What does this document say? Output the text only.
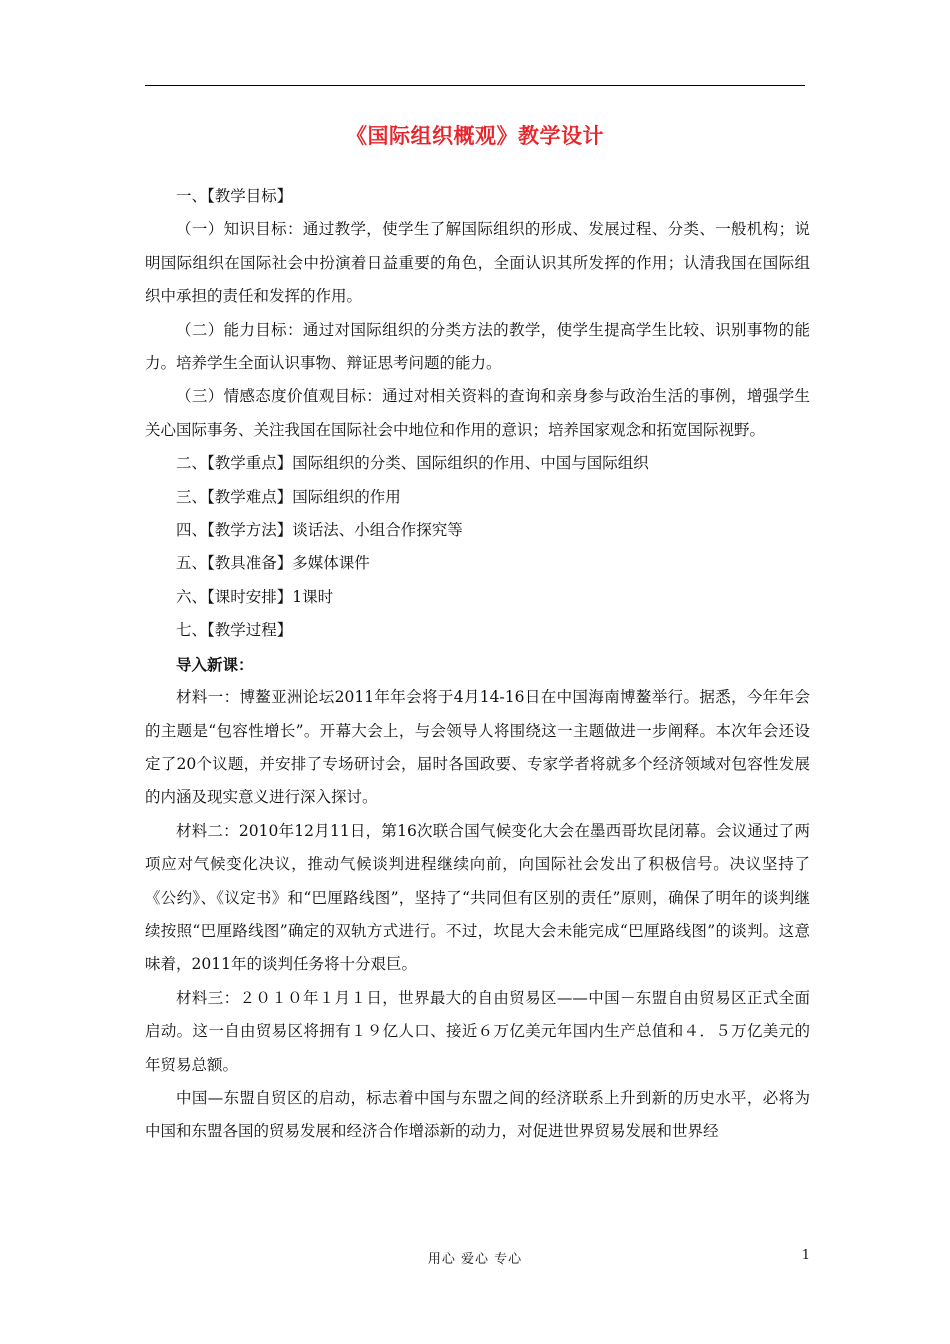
《国际组织概观》教学设计

一、【教学目标】

（一）知识目标：通过教学，使学生了解国际组织的形成、发展过程、分类、一般机构；说明国际组织在国际社会中扮演着日益重要的角色，全面认识其所发挥的作用；认清我国在国际组织中承担的责任和发挥的作用。

（二）能力目标：通过对国际组织的分类方法的教学，使学生提高学生比较、识别事物的能力。培养学生全面认识事物、辩证思考问题的能力。

（三）情感态度价值观目标：通过对相关资料的查询和亲身参与政治生活的事例，增强学生关心国际事务、关注我国在国际社会中地位和作用的意识；培养国家观念和拓宽国际视野。

二、【教学重点】国际组织的分类、国际组织的作用、中国与国际组织

三、【教学难点】国际组织的作用

四、【教学方法】谈话法、小组合作探究等

五、【教具准备】多媒体课件

六、【课时安排】1课时

七、【教学过程】

导入新课：

材料一：博鳌亚洲论坛2011年年会将于4月14-16日在中国海南博鳌举行。据悉，今年年会的主题是“包容性增长”。开幕大会上，与会领导人将围绕这一主题做进一步阐释。本次年会还设定了20个议题，并安排了专场研讨会，届时各国政要、专家学者将就多个经济领域对包容性发展的内涵及现实意义进行深入探讨。

材料二：2010年12月11日，第16次联合国气候变化大会在墨西哥坎昆闭幕。会议通过了两项应对气候变化决议，推动气候谈判进程继续向前，向国际社会发出了积极信号。决议坚持了《公约》、《议定书》和“巴厘路线图”，坚持了“共同但有区别的责任”原则，确保了明年的谈判继续按照“巴厘路线图”确定的双轨方式进行。不过，坎昆大会未能完成“巴厘路线图”的谈判。这意味着，2011年的谈判任务将十分艰巨。

材料三：２０１０年１月１日，世界最大的自由贸易区——中国－东盟自由贸易区正式全面启动。这一自由贸易区将拥有１９亿人口、接近６万亿美元年国内生产总值和４．５万亿美元的年贸易总额。

中国—东盟自贸区的启动，标志着中国与东盟之间的经济联系上升到新的历史水平，必将为中国和东盟各国的贸易发展和经济合作增添新的动力，对促进世界贸易发展和世界经

用心 爱心 专心	1
